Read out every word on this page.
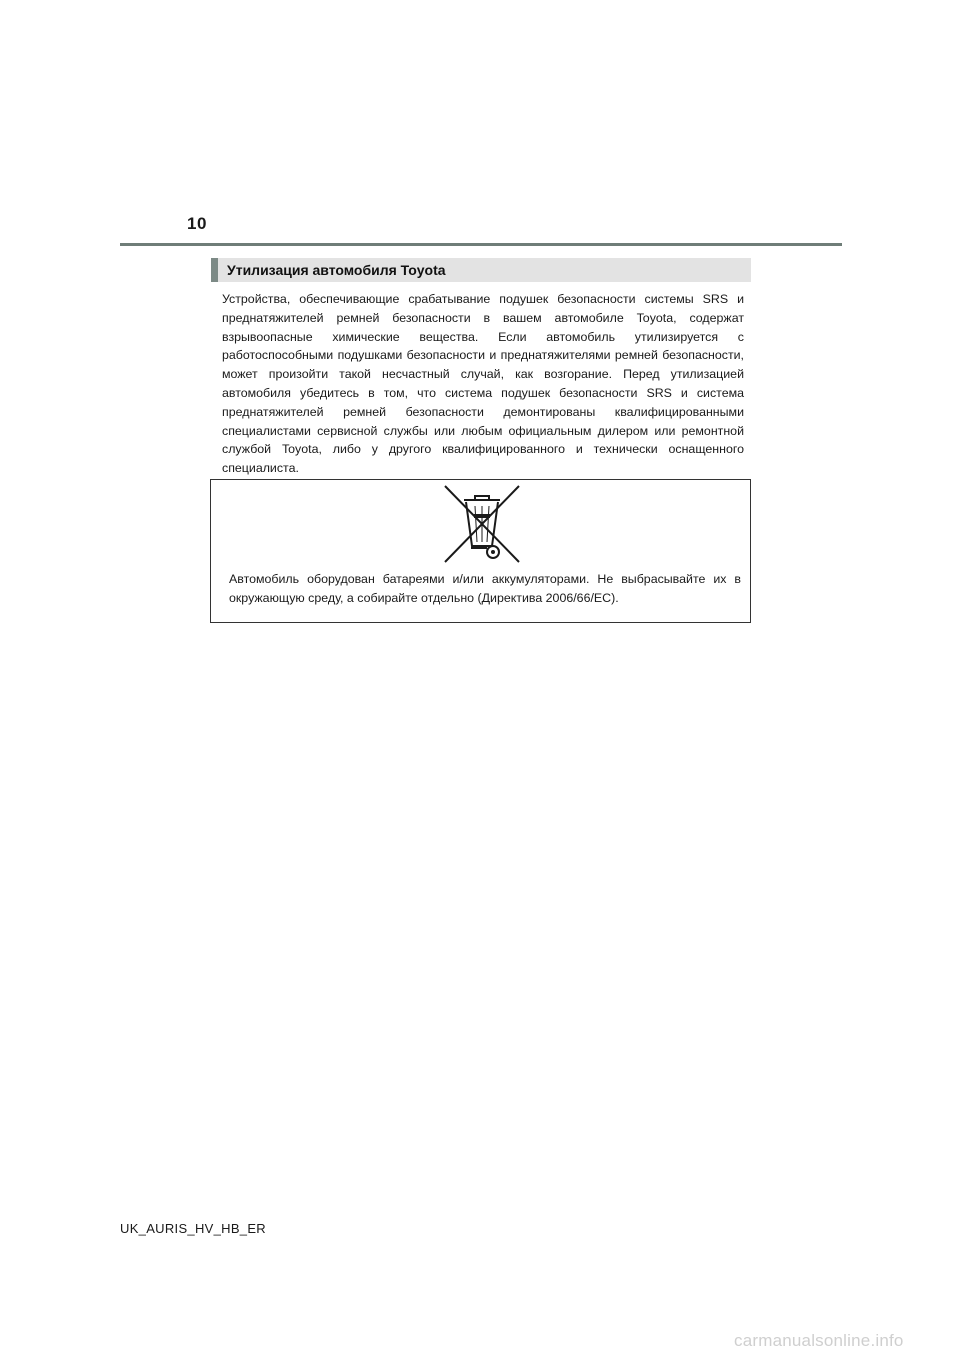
10
Утилизация автомобиля Toyota

Устройства, обеспечивающие срабатывание подушек безопасности системы SRS и преднатяжителей ремней безопасности в вашем автомобиле Toyota, содержат взрывоопасные химические вещества. Если автомобиль утилизируется с работоспособными подушками безопасности и преднатяжителями ремней безопасности, может произойти такой несчастный случай, как возгорание. Перед утилизацией автомобиля убедитесь в том, что система подушек безопасности SRS и система преднатяжителей ремней безопасности демонтированы квалифицированными специалистами сервисной службы или любым официальным дилером или ремонтной службой Toyota, либо у другого квалифицированного и технически оснащенного специалиста.

Автомобиль оборудован батареями и/или аккумуляторами. Не выбрасывайте их в окружающую среду, а собирайте отдельно (Директива 2006/66/EC).

UK_AURIS_HV_HB_ER
carmanualsonline.info
